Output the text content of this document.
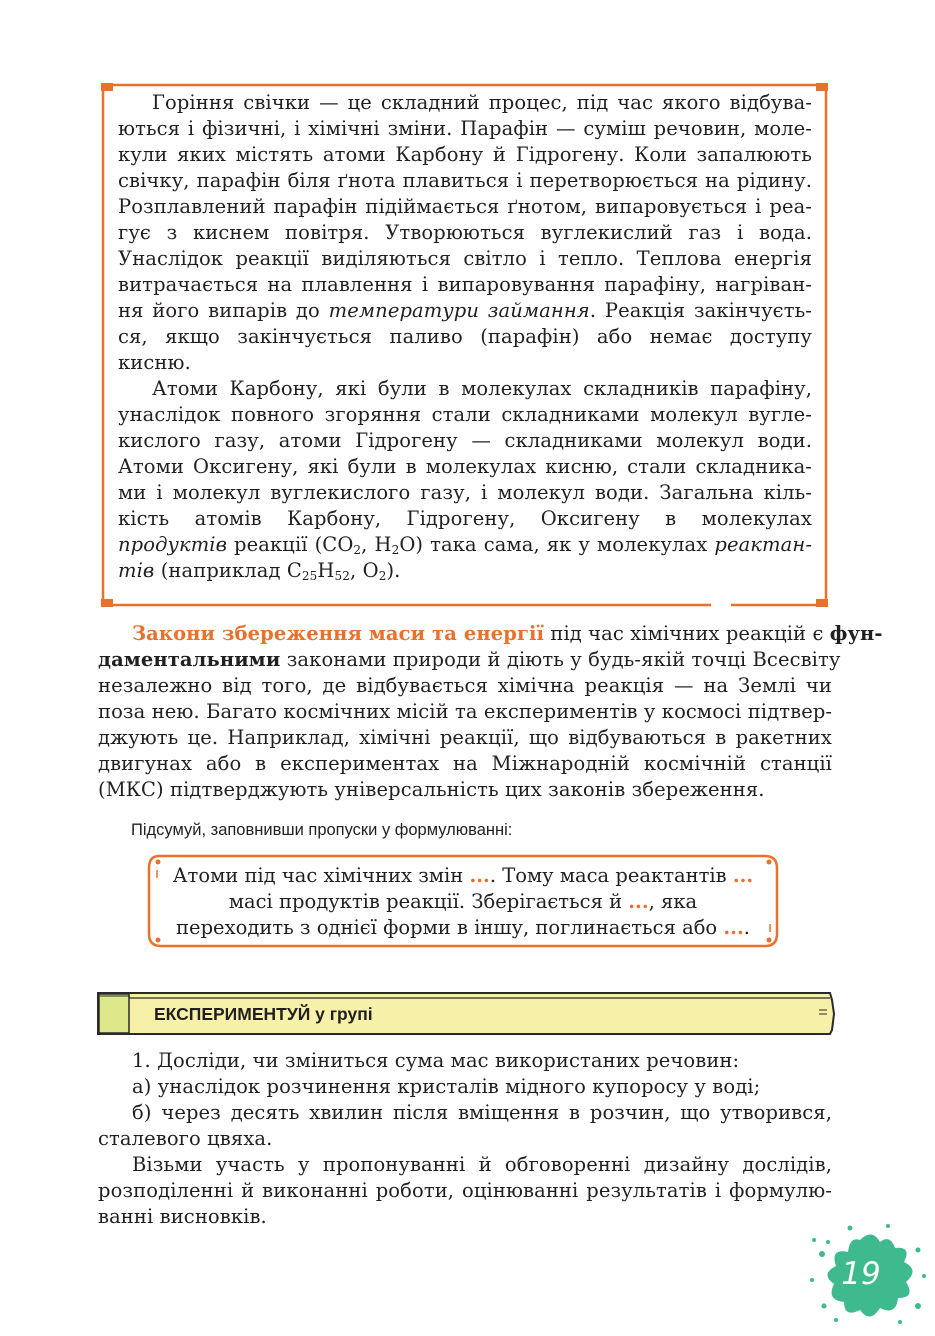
Горіння свічки — це складний процес, під час якого відбува-
ються і фізичні, і хімічні зміни. Парафін — суміш речовин, моле-
кули яких містять атоми Карбону й Гідрогену. Коли запалюють
свічку, парафін біля ґнота плавиться і перетворюється на рідину.
Розплавлений парафін підіймається ґнотом, випаровується і реа-
гує з киснем повітря. Утворюються вуглекислий газ і вода.
Унаслідок реакції виділяються світло і тепло. Теплова енергія
витрачається на плавлення і випаровування парафіну, нагріван-
ня його випарів до температури займання. Реакція закінчуєть-
ся, якщо закінчується паливо (парафін) або немає доступу
кисню.
Атоми Карбону, які були в молекулах складників парафіну,
унаслідок повного згоряння стали складниками молекул вугле-
кислого газу, атоми Гідрогену — складниками молекул води.
Атоми Оксигену, які були в молекулах кисню, стали складника-
ми і молекул вуглекислого газу, і молекул води. Загальна кіль-
кість атомів Карбону, Гідрогену, Оксигену в молекулах
продуктів реакції ($CO_2$, $H_2O$) така сама, як у молекулах реактан-
тів (наприклад $C_{25}H_{52}$, $O_2$).
Закони збереження маси та енергії під час хімічних реакцій є фун-
даментальними законами природи й діють у будь-якій точці Всесвіту
незалежно від того, де відбувається хімічна реакція — на Землі чи
поза нею. Багато космічних місій та експериментів у космосі підтвер-
джують це. Наприклад, хімічні реакції, що відбуваються в ракетних
двигунах або в експериментах на Міжнародній космічній станції
(МКС) підтверджують універсальність цих законів збереження.
Підсумуй, заповнивши пропуски у формулюванні:
Атоми під час хімічних змін .... Тому маса реактантів ...
масі продуктів реакції. Зберігається й ..., яка
переходить з однієї форми в іншу, поглинається або ....
ЕКСПЕРИМЕНТУЙ у групі
1. Досліди, чи зміниться сума мас використаних речовин:
а) унаслідок розчинення кристалів мідного купоросу у воді;
б) через десять хвилин після вміщення в розчин, що утворився,
сталевого цвяха.
Візьми участь у пропонуванні й обговоренні дизайну дослідів,
розподіленні й виконанні роботи, оцінюванні результатів і формулю-
ванні висновків.
19
